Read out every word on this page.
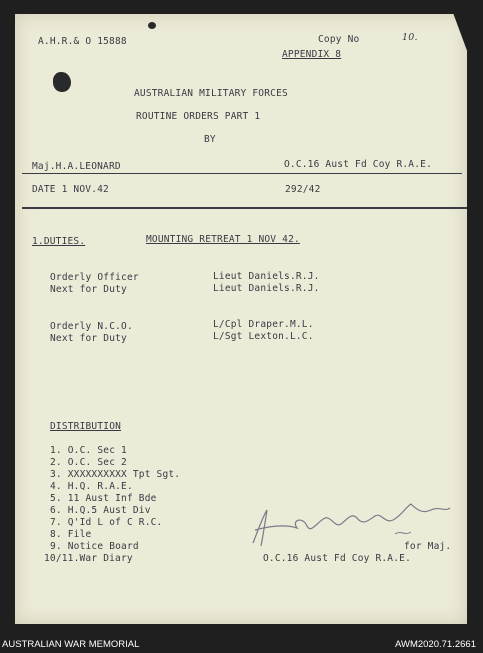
A.H.R.& O 15888	Copy No	10.
APPENDIX 8
AUSTRALIAN MILITARY FORCES
ROUTINE ORDERS PART 1
BY
Maj.H.A.LEONARD	O.C.16 Aust Fd Coy R.A.E.
DATE 1 NOV.42	292/42
1.DUTIES.	MOUNTING RETREAT 1 NOV 42.
Orderly Officer	Lieut Daniels.R.J.
Next for Duty	Lieut Daniels.R.J.
Orderly N.C.O.	L/Cpl Draper.M.L.
Next for Duty	L/Sgt Lexton.L.C.
DISTRIBUTION
1. O.C. Sec 1
2. O.C. Sec 2
3. XXXXXXXXXX Tpt Sgt.
4. H.Q. R.A.E.
5. 11 Aust Inf Bde
6. H.Q.5 Aust Div
7. Q'Id L of C R.C.
8. File
9. Notice Board
10/11.War Diary
for Maj.
O.C.16 Aust Fd Coy R.A.E.
AUSTRALIAN WAR MEMORIAL	AWM2020.71.2661
